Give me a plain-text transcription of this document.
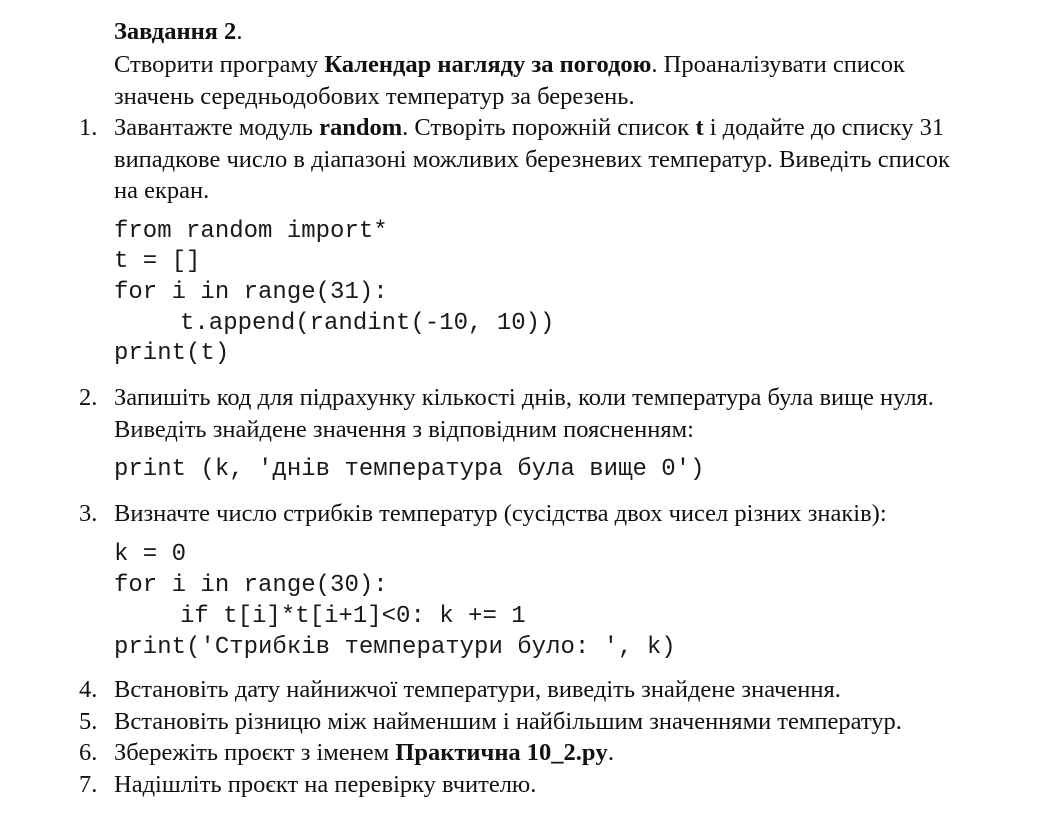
Завдання 2.
Створити програму Календар нагляду за погодою. Проаналізувати список
значень середньодобових температур за березень.
1. Завантажте модуль random. Створіть порожній список t і додайте до списку 31
випадкове число в діапазоні можливих березневих температур. Виведіть список
на екран.
from random import*
t = []
for i in range(31):
t.append(randint(-10, 10))
print(t)
2. Запишіть код для підрахунку кількості днів, коли температура була вище нуля.
Виведіть знайдене значення з відповідним поясненням:
print (k, 'днів температура була вище 0')
3. Визначте число стрибків температур (сусідства двох чисел різних знаків):
k = 0
for i in range(30):
if t[i]*t[i+1]<0: k += 1
print('Стрибків температури було: ', k)
4. Встановіть дату найнижчої температури, виведіть знайдене значення.
5. Встановіть різницю між найменшим і найбільшим значеннями температур.
6. Збережіть проєкт з іменем Практична 10_2.py.
7. Надішліть проєкт на перевірку вчителю.
